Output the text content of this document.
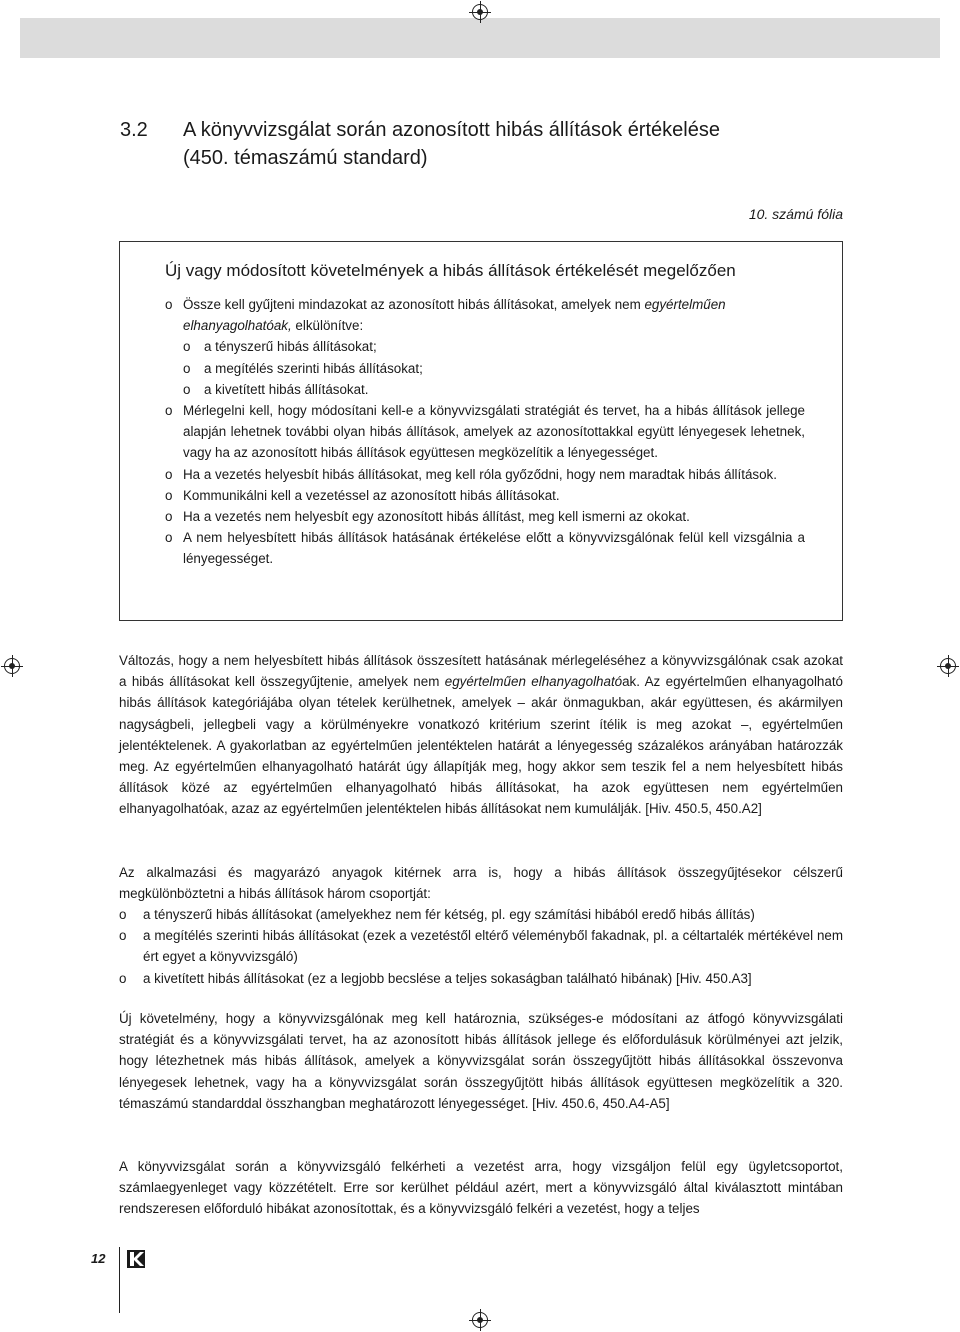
3.2 A könyvvizsgálat során azonosított hibás állítások értékelése
(450. témaszámú standard)
10. számú fólia
Új vagy módosított követelmények a hibás állítások értékelését megelőzően
o Össze kell gyűjteni mindazokat az azonosított hibás állításokat, amelyek nem egyértelműen elhanyagolhatóak, elkülönítve:
o a tényszerű hibás állításokat;
o a megítélés szerinti hibás állításokat;
o a kivetített hibás állításokat.
o Mérlegelni kell, hogy módosítani kell-e a könyvvizsgálati stratégiát és tervet, ha a hibás állítások jellege alapján lehetnek további olyan hibás állítások, amelyek az azonosítottakkal együtt lényegesek lehetnek, vagy ha az azonosított hibás állítások együttesen megközelítik a lényegességet.
o Ha a vezetés helyesbít hibás állításokat, meg kell róla győződni, hogy nem maradtak hibás állítások.
o Kommunikálni kell a vezetéssel az azonosított hibás állításokat.
o Ha a vezetés nem helyesbít egy azonosított hibás állítást, meg kell ismerni az okokat.
o A nem helyesbített hibás állítások hatásának értékelése előtt a könyvvizsgálónak felül kell vizsgálnia a lényegességet.
Változás, hogy a nem helyesbített hibás állítások összesített hatásának mérlegeléséhez a könyvvizsgálónak csak azokat a hibás állításokat kell összegyűjtenie, amelyek nem egyértelműen elhanyagolhatóak. Az egyértelműen elhanyagolható hibás állítások kategóriájába olyan tételek kerülhetnek, amelyek – akár önmagukban, akár együttesen, és akármilyen nagyságbeli, jellegbeli vagy a körülményekre vonatkozó kritérium szerint ítélik is meg azokat –, egyértelműen jelentéktelenek. A gyakorlatban az egyértelműen jelentéktelen határát a lényegesség százalékos arányában határozzák meg. Az egyértelműen elhanyagolható határát úgy állapítják meg, hogy akkor sem teszik fel a nem helyesbített hibás állítások közé az egyértelműen elhanyagolható hibás állításokat, ha azok együttesen nem egyértelműen elhanyagolhatóak, azaz az egyértelműen jelentéktelen hibás állításokat nem kumulálják. [Hiv. 450.5, 450.A2]
Az alkalmazási és magyarázó anyagok kitérnek arra is, hogy a hibás állítások összegyűjtésekor célszerű megkülönböztetni a hibás állítások három csoportját:
o a tényszerű hibás állításokat (amelyekhez nem fér kétség, pl. egy számítási hibából eredő hibás állítás)
o a megítélés szerinti hibás állításokat (ezek a vezetéstől eltérő véleményből fakadnak, pl. a céltartalék mértékével nem ért egyet a könyvvizsgáló)
o a kivetített hibás állításokat (ez a legjobb becslése a teljes sokaságban található hibának) [Hiv. 450.A3]
Új követelmény, hogy a könyvvizsgálónak meg kell határoznia, szükséges-e módosítani az átfogó könyvvizsgálati stratégiát és a könyvvizsgálati tervet, ha az azonosított hibás állítások jellege és előfordulásuk körülményei azt jelzik, hogy létezhetnek más hibás állítások, amelyek a könyvvizsgálat során összegyűjtött hibás állításokkal összevonva lényegesek lehetnek, vagy ha a könyvvizsgálat során összegyűjtött hibás állítások együttesen megközelítik a 320. témaszámú standarddal összhangban meghatározott lényegességet. [Hiv. 450.6, 450.A4-A5]
A könyvvizsgálat során a könyvvizsgáló felkérheti a vezetést arra, hogy vizsgáljon felül egy ügyletcsoportot, számlaegyenleget vagy közzétételt. Erre sor kerülhet például azért, mert a könyvvizsgáló által kiválasztott mintában rendszeresen előforduló hibákat azonosítottak, és a könyvvizsgáló felkéri a vezetést, hogy a teljes
12
